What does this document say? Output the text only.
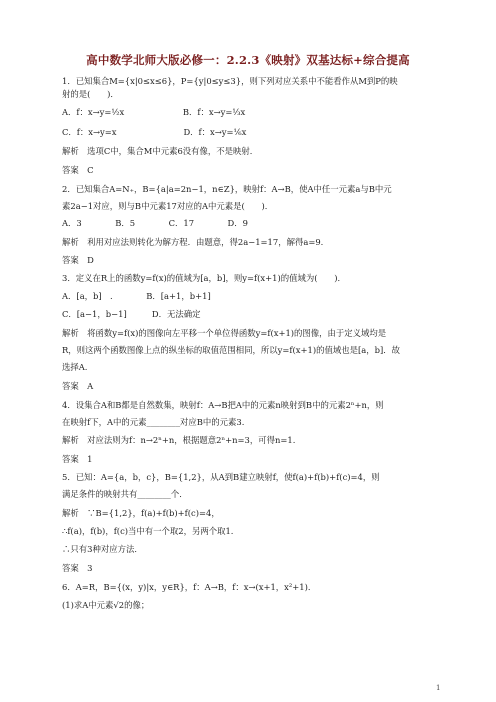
高中数学北师大版必修一：2.2.3《映射》双基达标+综合提高
1．已知集合M={x|0≤x≤6}，P={y|0≤y≤3}，则下列对应关系中不能看作从M到P的映
射的是(　　)．
A．f：x→y=½x　　　　　　　B．f：x→y=⅓x
C．f：x→y=x　　　　　　　　D．f：x→y=⅙x
解析　选项C中，集合M中元素6没有像，不是映射．
答案　C
2．已知集合A=N₊，B={a|a=2n−1，n∈Z}，映射f：A→B，使A中任一元素a与B中元
素2a−1对应，则与B中元素17对应的A中元素是(　　)．
A．3　　　　B．5　　　　C．17　　　　D．9
解析　利用对应法则转化为解方程．由题意，得2a−1=17，解得a=9.
答案　D
3．定义在R上的函数y=f(x)的值域为[a，b]，则y=f(x+1)的值域为(　　)．
A．[a，b]　.　　　　B．[a+1，b+1]
C．[a−1，b−1]　　　D．无法确定
解析　将函数y=f(x)的图像向左平移一个单位得函数y=f(x+1)的图像，由于定义域均是
R，则这两个函数图像上点的纵坐标的取值范围相同，所以y=f(x+1)的值域也是[a，b]．故
选择A.
答案　A
4．设集合A和B都是自然数集，映射f：A→B把A中的元素n映射到B中的元素2ⁿ+n，则
在映射f下，A中的元素________对应B中的元素3.
解析　对应法则为f：n→2ⁿ+n，根据题意2ⁿ+n=3，可得n=1.
答案　1
5．已知：A={a，b，c}，B={1,2}，从A到B建立映射f，使f(a)+f(b)+f(c)=4，则
满足条件的映射共有________个．
解析　∵B={1,2}，f(a)+f(b)+f(c)=4，
∴f(a)，f(b)，f(c)当中有一个取2，另两个取1.
∴只有3种对应方法．
答案　3
6．A=R，B={(x，y)|x，y∈R}，f：A→B，f：x→(x+1，x²+1)．
(1)求A中元素√2的像；
1
